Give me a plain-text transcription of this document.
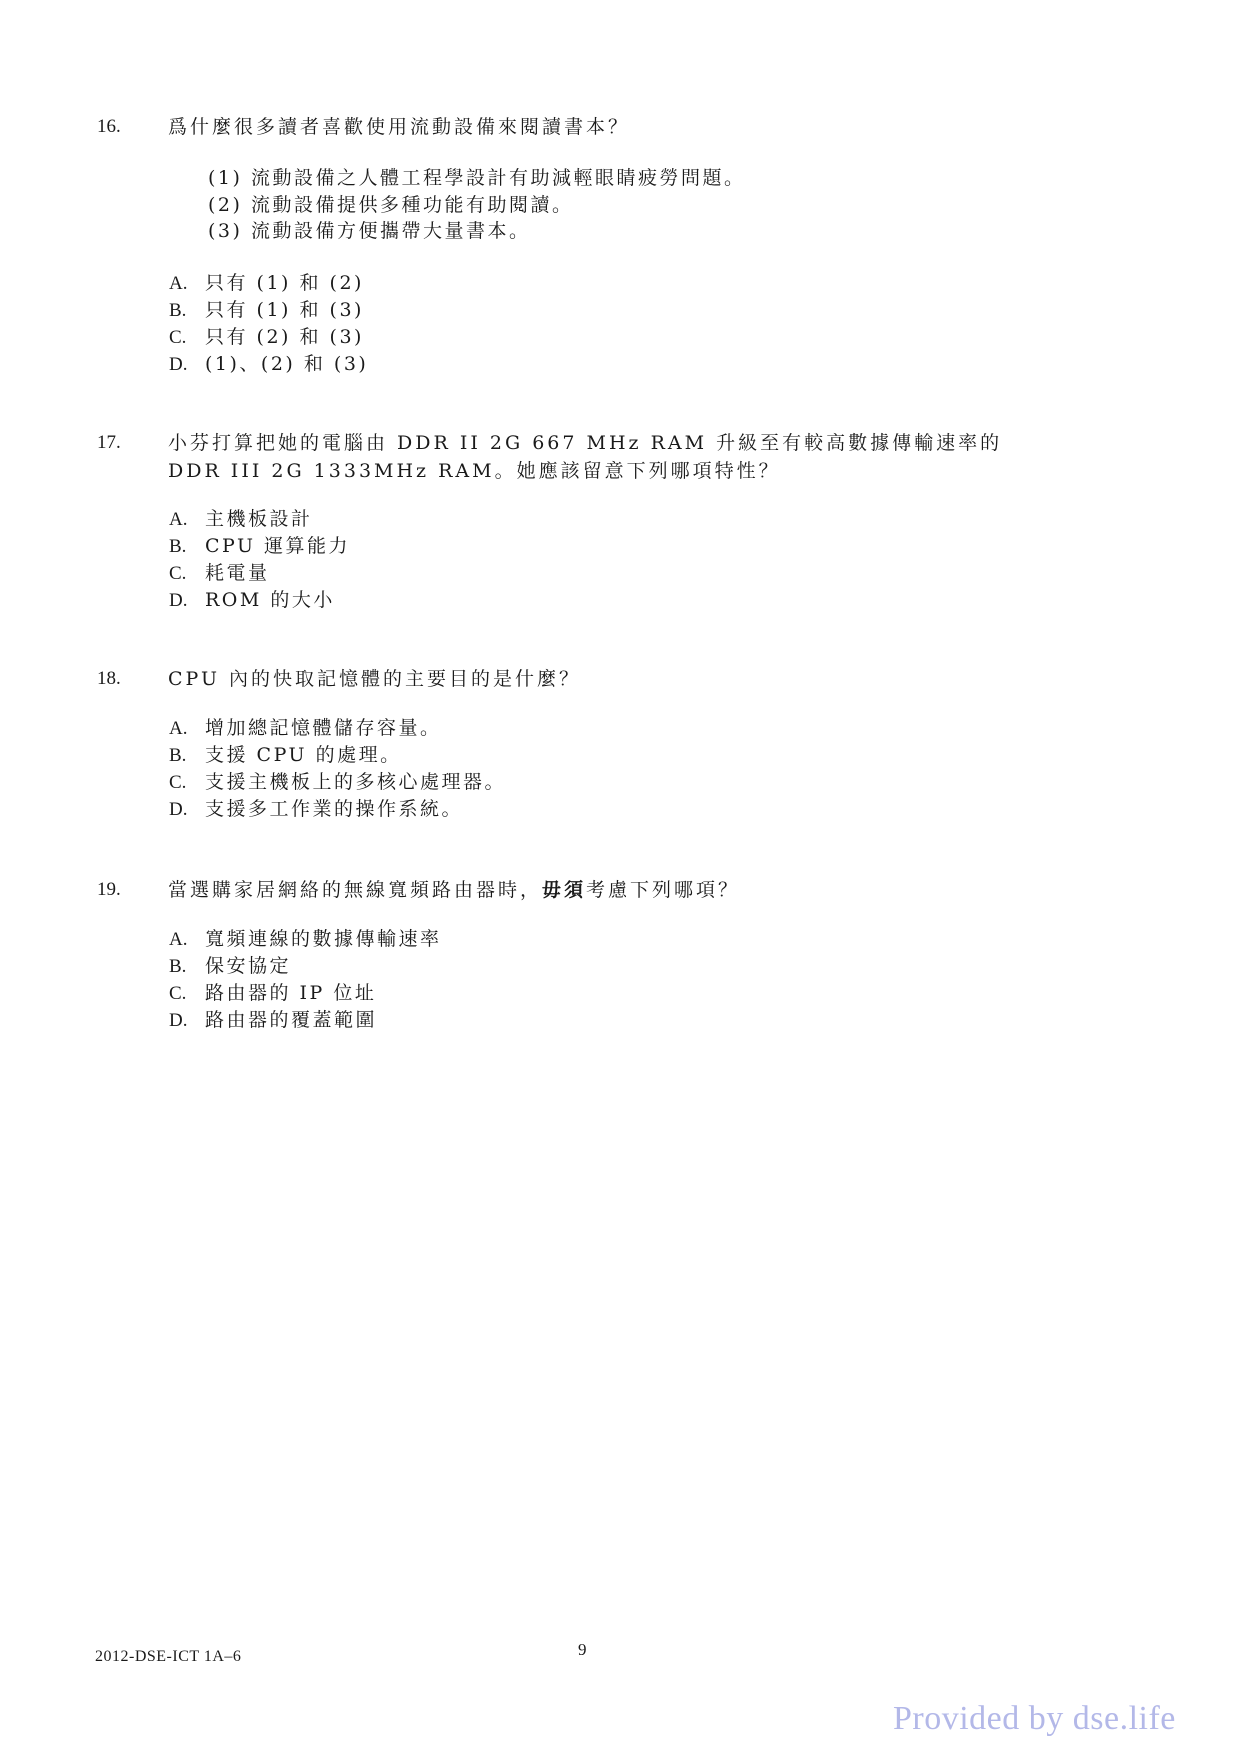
16. 爲什麼很多讀者喜歡使用流動設備來閱讀書本？
(1) 流動設備之人體工程學設計有助減輕眼睛疲勞問題。
(2) 流動設備提供多種功能有助閱讀。
(3) 流動設備方便攜帶大量書本。
A. 只有 (1) 和 (2)
B. 只有 (1) 和 (3)
C. 只有 (2) 和 (3)
D. (1)、(2) 和 (3)
17. 小芬打算把她的電腦由 DDR II 2G 667 MHz RAM 升級至有較高數據傳輸速率的
DDR III 2G 1333MHz RAM。她應該留意下列哪項特性？
A. 主機板設計
B. CPU 運算能力
C. 耗電量
D. ROM 的大小
18. CPU 內的快取記憶體的主要目的是什麼？
A. 增加總記憶體儲存容量。
B. 支援 CPU 的處理。
C. 支援主機板上的多核心處理器。
D. 支援多工作業的操作系統。
19. 當選購家居網絡的無線寬頻路由器時，毋須考慮下列哪項？
A. 寬頻連線的數據傳輸速率
B. 保安協定
C. 路由器的 IP 位址
D. 路由器的覆蓋範圍
2012-DSE-ICT 1A–6	9
Provided by dse.life
